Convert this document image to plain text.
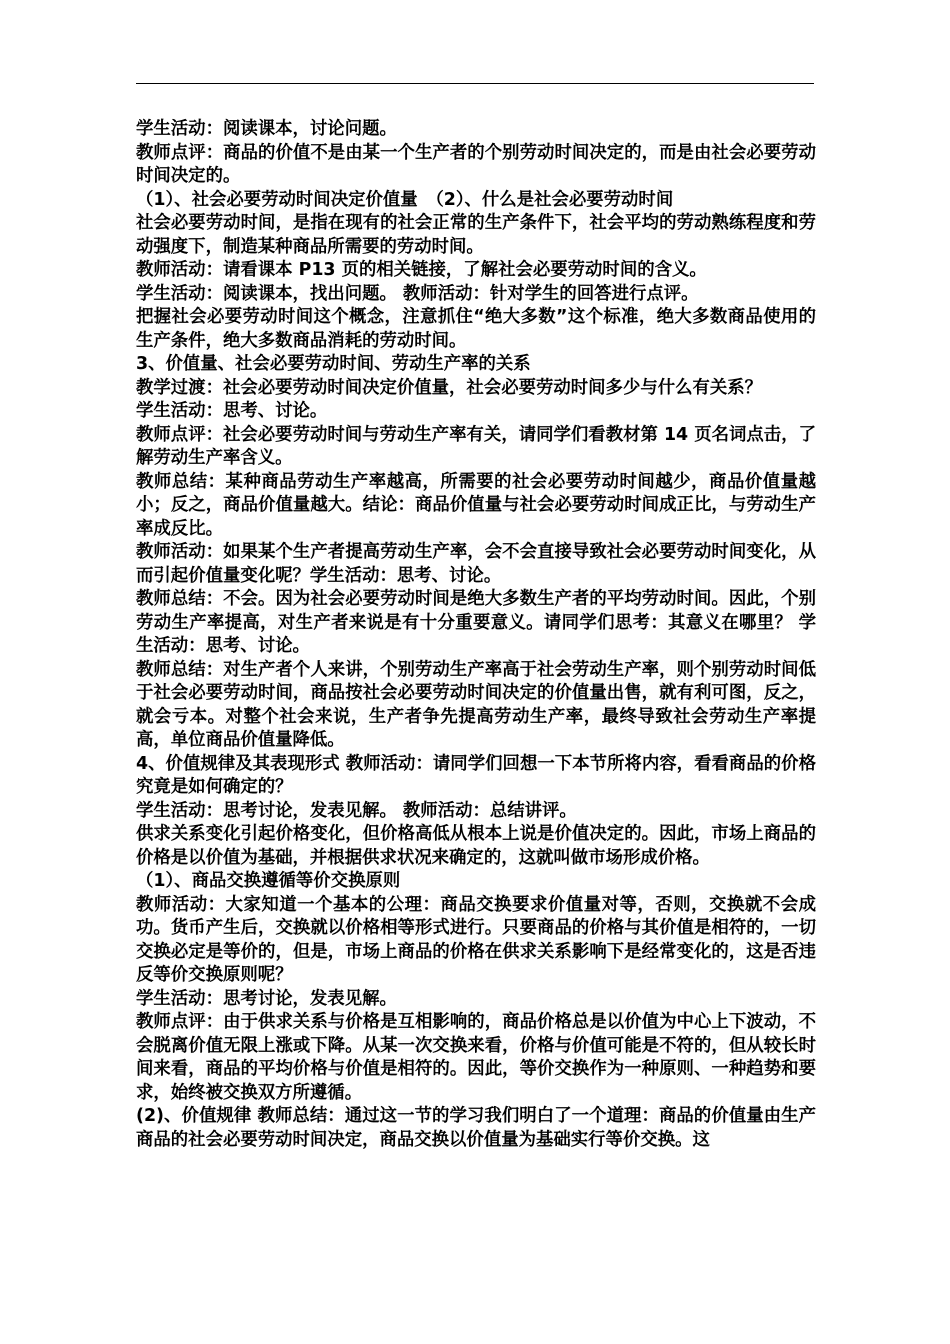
学生活动：阅读课本，讨论问题。

教师点评：商品的价值不是由某一个生产者的个别劳动时间决定的，而是由社会必要劳动时间决定的。

（1）、社会必要劳动时间决定价值量　（2）、什么是社会必要劳动时间

社会必要劳动时间，是指在现有的社会正常的生产条件下，社会平均的劳动熟练程度和劳动强度下，制造某种商品所需要的劳动时间。

教师活动：请看课本 P13 页的相关链接，了解社会必要劳动时间的含义。

学生活动：阅读课本，找出问题。 教师活动：针对学生的回答进行点评。

把握社会必要劳动时间这个概念，注意抓住“绝大多数”这个标准，绝大多数商品使用的生产条件，绝大多数商品消耗的劳动时间。

3、价值量、社会必要劳动时间、劳动生产率的关系

教学过渡：社会必要劳动时间决定价值量，社会必要劳动时间多少与什么有关系？

学生活动：思考、讨论。

教师点评：社会必要劳动时间与劳动生产率有关，请同学们看教材第 14 页名词点击，了解劳动生产率含义。

教师总结：某种商品劳动生产率越高，所需要的社会必要劳动时间越少，商品价值量越小；反之，商品价值量越大。结论：商品价值量与社会必要劳动时间成正比，与劳动生产率成反比。

教师活动：如果某个生产者提高劳动生产率，会不会直接导致社会必要劳动时间变化，从而引起价值量变化呢？学生活动：思考、讨论。

教师总结：不会。因为社会必要劳动时间是绝大多数生产者的平均劳动时间。因此，个别劳动生产率提高，对生产者来说是有十分重要意义。请同学们思考：其意义在哪里？ 学生活动：思考、讨论。

教师总结：对生产者个人来讲，个别劳动生产率高于社会劳动生产率，则个别劳动时间低于社会必要劳动时间，商品按社会必要劳动时间决定的价值量出售，就有利可图，反之，就会亏本。对整个社会来说，生产者争先提高劳动生产率，最终导致社会劳动生产率提高，单位商品价值量降低。

4、价值规律及其表现形式 教师活动：请同学们回想一下本节所将内容，看看商品的价格究竟是如何确定的？

学生活动：思考讨论，发表见解。 教师活动：总结讲评。

供求关系变化引起价格变化，但价格高低从根本上说是价值决定的。因此，市场上商品的价格是以价值为基础，并根据供求状况来确定的，这就叫做市场形成价格。

（1）、商品交换遵循等价交换原则

教师活动：大家知道一个基本的公理：商品交换要求价值量对等，否则，交换就不会成功。货币产生后，交换就以价格相等形式进行。只要商品的价格与其价值是相符的，一切交换必定是等价的，但是，市场上商品的价格在供求关系影响下是经常变化的，这是否违反等价交换原则呢？

学生活动：思考讨论，发表见解。

教师点评：由于供求关系与价格是互相影响的，商品价格总是以价值为中心上下波动，不会脱离价值无限上涨或下降。从某一次交换来看，价格与价值可能是不符的，但从较长时间来看，商品的平均价格与价值是相符的。因此，等价交换作为一种原则、一种趋势和要求，始终被交换双方所遵循。

(2)、价值规律 教师总结：通过这一节的学习我们明白了一个道理：商品的价值量由生产商品的社会必要劳动时间决定，商品交换以价值量为基础实行等价交换。这
